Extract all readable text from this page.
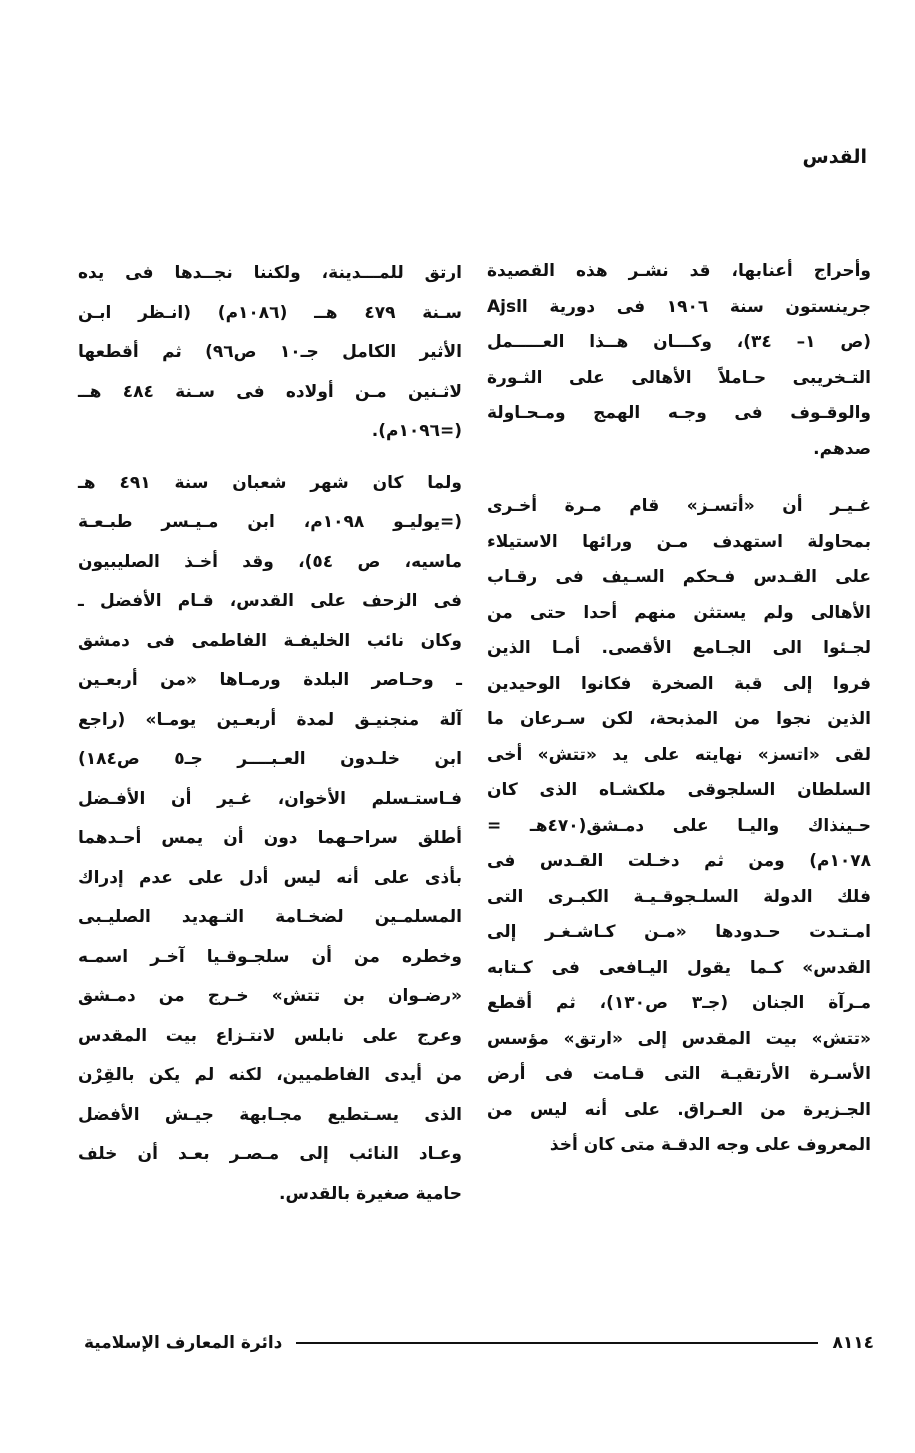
القدس
وأحراج أعنابها، قد نشـر هذه القصيدة
جرينستون سنة ١٩٠٦ فى دورية Ajsll
(ص ١– ٣٤)، وكـــان هــذا العـــــمل
التـخريبى حـاملاً الأهالى على الثـورة
والوقـوف فى وجـه الهمج ومـحـاولة
صدهم.
غـيـر أن «أتسـز» قام مـرة أخـرى
بمحاولة استهدف مـن ورائها الاستيلاء
على القـدس فـحكم السـيف فى رقـاب
الأهالى ولم يستثن منهم أحدا حتى من
لجـئوا الى الجـامع الأقصى. أمـا الذين
فروا إلى قبة الصخرة فكانوا الوحيدين
الذين نجوا من المذبحة، لكن سـرعان ما
لقى «اتسز» نهايته على يد «تتش» أخى
السلطان السلجوقى ملكشـاه الذى كان
حـينذاك واليـا على دمـشق(٤٧٠هـ =
١٠٧٨م) ومن ثم دخـلت القـدس فى
فلك الدولة السلـجوقـيـة الكبـرى التى
امـتـدت حـدودها «مـن كـاشـغـر إلى
القدس» كـما يقول اليـافعى فى كـتابه
مـرآة الجنان (جـ٣ ص١٣٠)، ثم أقطع
«تتش» بيت المقدس إلى «ارتق» مؤسس
الأسـرة الأرتقيـة التى قـامت فى أرض
الجـزيرة من العـراق. على أنه ليس من
المعروف على وجه الدقـة متى كان أخذ
ارتق للمـــدينة، ولكننا نجــدها فى يده
سـنة ٤٧٩ هــ (١٠٨٦م) (انـظر ابـن
الأثير الكامل جـ١٠ ص٩٦) ثم أقطعها
لاثـنين مـن أولاده فى سـنة ٤٨٤ هــ
(=١٠٩٦م).
ولما كان شهر شعبان سنة ٤٩١ هـ
(=يوليـو ١٠٩٨م، ابن مـيـسر طبـعـة
ماسيه، ص ٥٤)، وقد أخـذ الصليبيون
فى الزحف على القدس، قـام الأفضل ـ
وكان نائب الخليفـة الفاطمى فى دمشق
ـ وحـاصر البلدة ورمـاها «من أربعـين
آلة منجنيـق لمدة أربعـين يومـا» (راجع
ابن خلـدون العـبــــر جـ٥ ص١٨٤)
فـاستـسلم الأخوان، غـير أن الأفـضل
أطلق سراحـهما دون أن يمس أحـدهما
بأذى على أنه ليس أدل على عدم إدراك
المسلمـين لضخـامة التـهديد الصليـبى
وخطره من أن سلجـوقـيا آخـر اسمـه
«رضـوان بن تتش» خـرج من دمـشق
وعرج على نابلس لانتـزاع بيت المقدس
من أيدى الفاطميين، لكنه لم يكن بالقِرْن
الذى يسـتطيع مجـابهة جيـش الأفضل
وعـاد النائب إلى مـصـر بعـد أن خلف
حامية صغيرة بالقدس.
٨١١٤
دائرة المعارف الإسلامية
